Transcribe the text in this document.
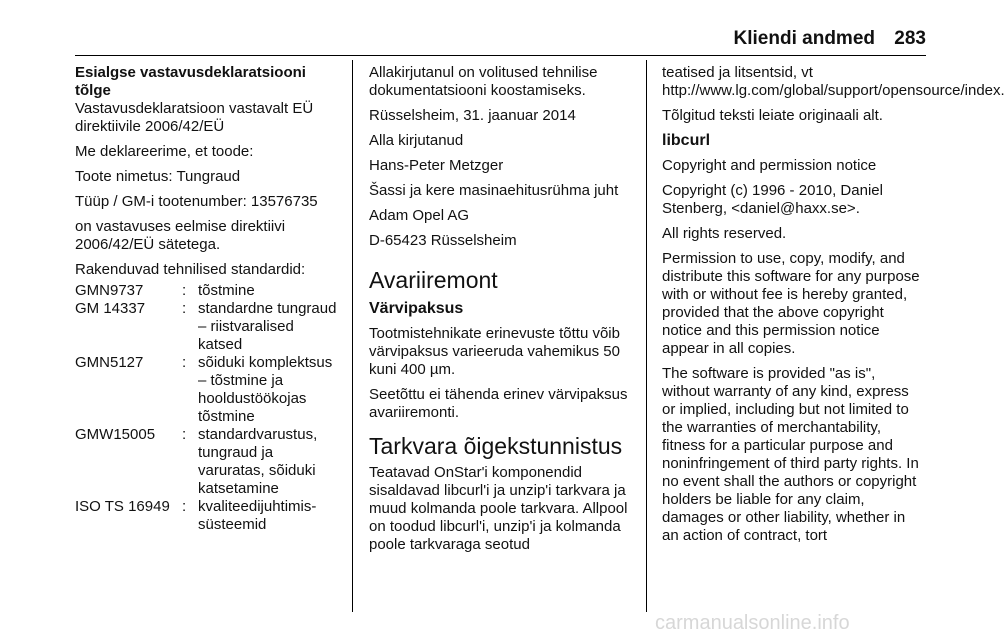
Kliendi andmed	283

Esialgse vastavusdeklaratsiooni tõlge

Vastavusdeklaratsioon vastavalt EÜ direktiivile 2006/42/EÜ

Me deklareerime, et toode:

Toote nimetus: Tungraud

Tüüp / GM-i tootenumber: 13576735

on vastavuses eelmise direktiivi 2006/42/EÜ sätetega.

Rakenduvad tehnilised standardid:

GMN9737	:	tõstmine
GM 14337	:	standardne tungraud – riistvaralised katsed
GMN5127	:	sõiduki komplektsus – tõstmine ja hooldustöökojas tõstmine
GMW15005	:	standardvarustus, tungraud ja varuratas, sõiduki katsetamine
ISO TS 16949	:	kvaliteedijuhtimis-süsteemid

Allakirjutanul on volitused tehnilise dokumentatsiooni koostamiseks.

Rüsselsheim, 31. jaanuar 2014

Alla kirjutanud

Hans-Peter Metzger

Šassi ja kere masinaehitusrühma juht

Adam Opel AG

D-65423 Rüsselsheim

Avariiremont
Värvipaksus

Tootmistehnikate erinevuste tõttu võib värvipaksus varieeruda vahemikus 50 kuni 400 µm.

Seetõttu ei tähenda erinev värvipaksus avariiremonti.

Tarkvara õigekstunnistus

Teatavad OnStar'i komponendid sisaldavad libcurl'i ja unzip'i tarkvara ja muud kolmanda poole tarkvara. Allpool on toodud libcurl'i, unzip'i ja kolmanda poole tarkvaraga seotud

teatised ja litsentsid, vt http://www.lg.com/global/support/opensource/index.

Tõlgitud teksti leiate originaali alt.

libcurl

Copyright and permission notice

Copyright (c) 1996 - 2010, Daniel Stenberg, <daniel@haxx.se>.

All rights reserved.

Permission to use, copy, modify, and distribute this software for any purpose with or without fee is hereby granted, provided that the above copyright notice and this permission notice appear in all copies.

The software is provided "as is", without warranty of any kind, express or implied, including but not limited to the warranties of merchantability, fitness for a particular purpose and noninfringement of third party rights. In no event shall the authors or copyright holders be liable for any claim, damages or other liability, whether in an action of contract, tort

carmanualsonline.info
